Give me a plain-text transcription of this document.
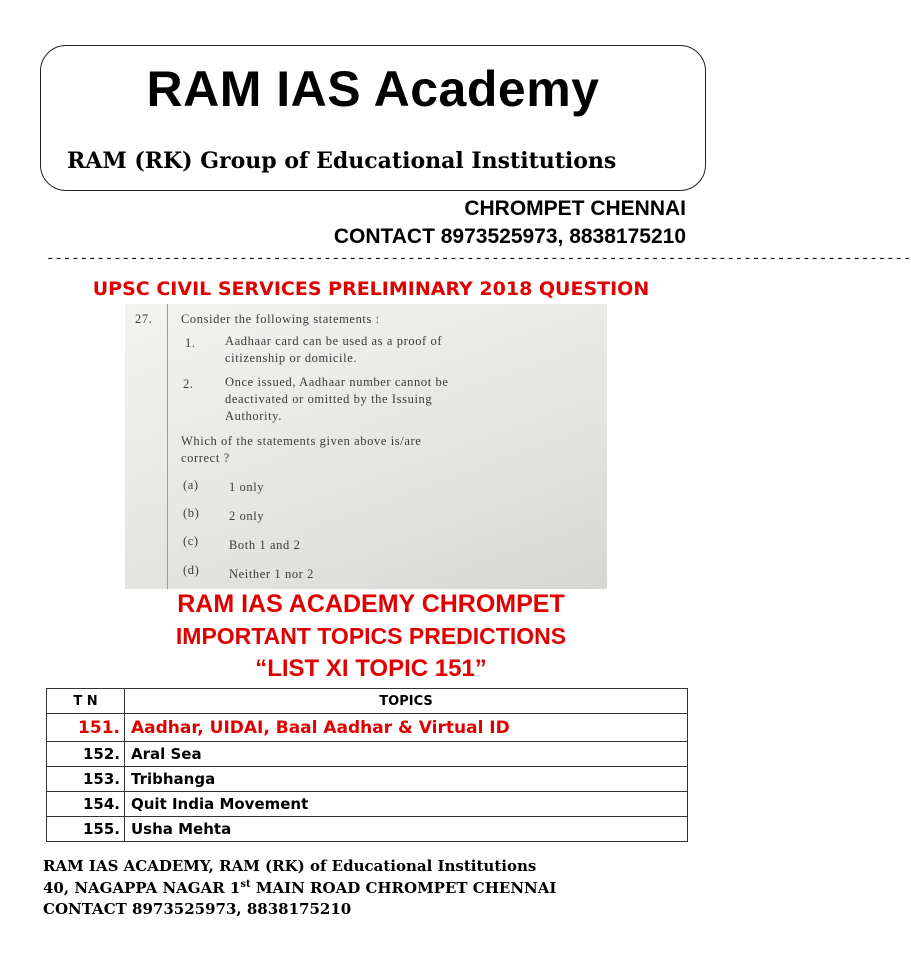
RAM IAS Academy
RAM (RK) Group of Educational Institutions
CHROMPET CHENNAI
CONTACT 8973525973, 8838175210
-------------------------------------------------------------------------------------------------------
UPSC CIVIL SERVICES PRELIMINARY 2018 QUESTION
27. Consider the following statements :
1. Aadhaar card can be used as a proof of
citizenship or domicile.
2.	Once issued, Aadhaar number cannot be
deactivated or omitted by the Issuing
Authority.
Which of the statements given above is/are
correct ?
(a) 1 only
(b) 2 only
(c) Both 1 and 2
(d) Neither 1 nor 2
RAM IAS ACADEMY CHROMPET
IMPORTANT TOPICS PREDICTIONS
“LIST XI TOPIC 151”
T N	TOPICS
151.	Aadhar, UIDAI, Baal Aadhar & Virtual ID
152.	Aral Sea
153.	Tribhanga
154.	Quit India Movement
155.	Usha Mehta
RAM IAS ACADEMY, RAM (RK) of Educational Institutions
40, NAGAPPA NAGAR 1st MAIN ROAD CHROMPET CHENNAI
CONTACT 8973525973, 8838175210
